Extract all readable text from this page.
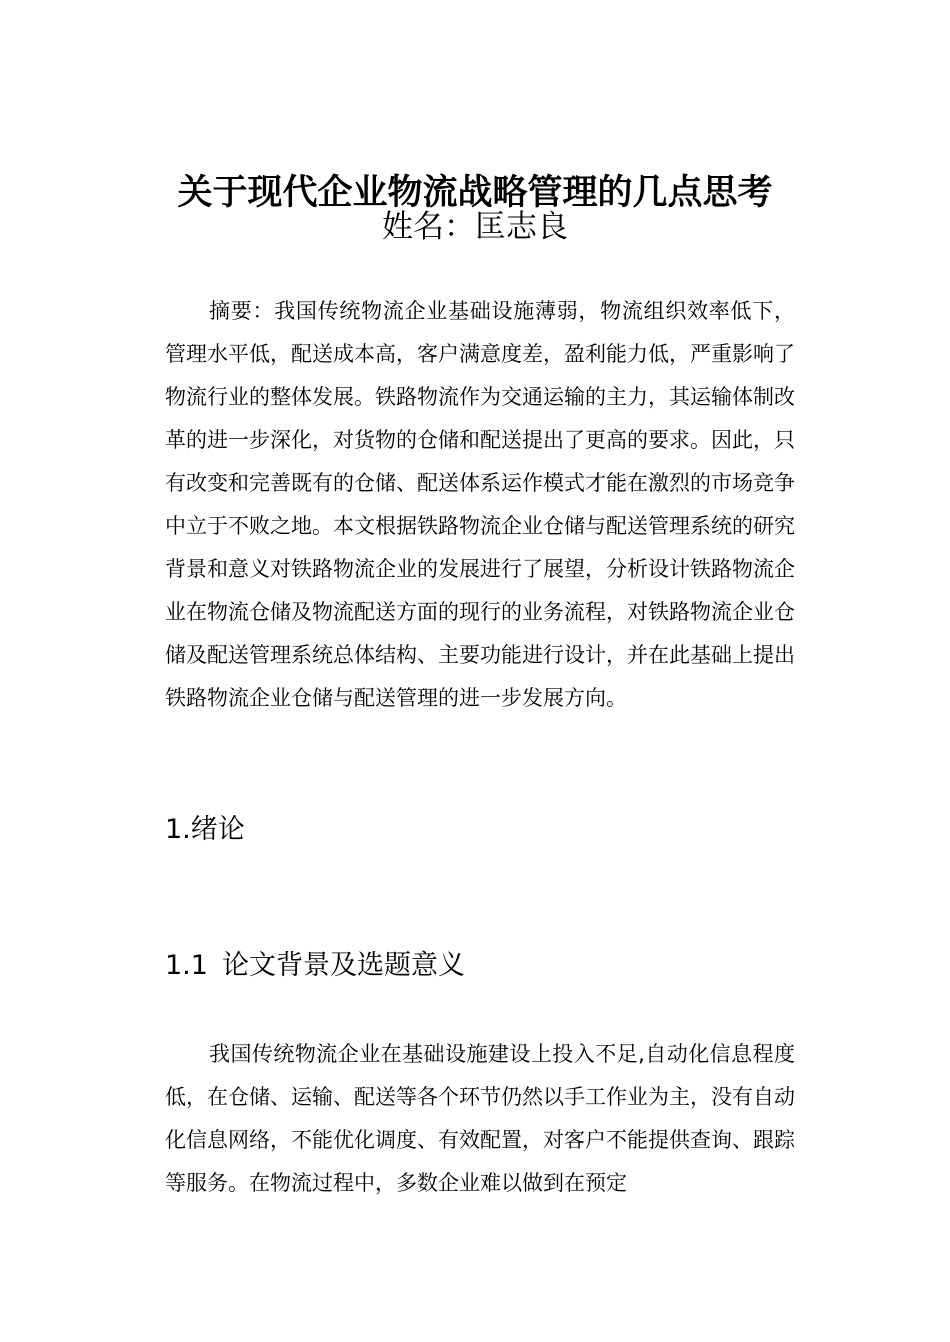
关于现代企业物流战略管理的几点思考
姓名：匡志良

摘要：我国传统物流企业基础设施薄弱，物流组织效率低下，管理水平低，配送成本高，客户满意度差，盈利能力低，严重影响了物流行业的整体发展。铁路物流作为交通运输的主力，其运输体制改革的进一步深化，对货物的仓储和配送提出了更高的要求。因此，只有改变和完善既有的仓储、配送体系运作模式才能在激烈的市场竞争中立于不败之地。本文根据铁路物流企业仓储与配送管理系统的研究背景和意义对铁路物流企业的发展进行了展望，分析设计铁路物流企业在物流仓储及物流配送方面的现行的业务流程，对铁路物流企业仓储及配送管理系统总体结构、主要功能进行设计，并在此基础上提出铁路物流企业仓储与配送管理的进一步发展方向。

1.绪论
1.1 论文背景及选题意义

我国传统物流企业在基础设施建设上投入不足,自动化信息程度低，在仓储、运输、配送等各个环节仍然以手工作业为主，没有自动化信息网络，不能优化调度、有效配置，对客户不能提供查询、跟踪等服务。在物流过程中，多数企业难以做到在预定
